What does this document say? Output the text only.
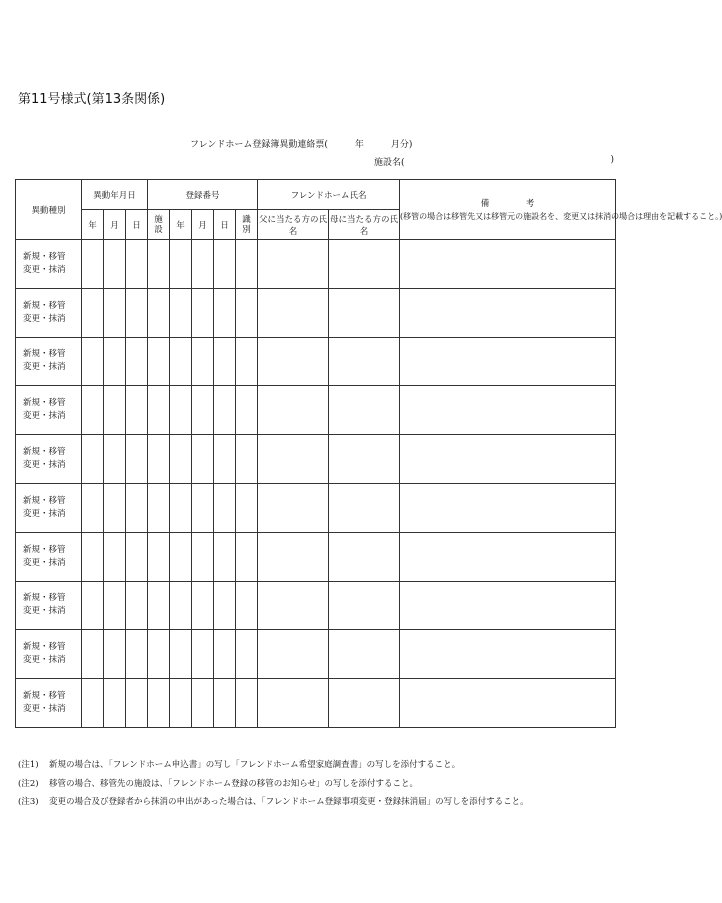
第11号様式(第13条関係)
フレンドホーム登録簿異動連絡票(　　　年　　　月分)
施設名(	)
異動種別	異動年月日			登録番号					フレンドホーム氏名		備　考
(移管の場合は移管先又は移管元の施設名を、変更又は抹消の場合は理由を記載すること。)

	年	月	日	施設	年	月	日	識別	父に当たる方の氏名	母に当たる方の氏名	
新規・移管
変更・抹消											
新規・移管
変更・抹消											
新規・移管
変更・抹消											
新規・移管
変更・抹消											
新規・移管
変更・抹消											
新規・移管
変更・抹消											
新規・移管
変更・抹消											
新規・移管
変更・抹消											
新規・移管
変更・抹消											
新規・移管
変更・抹消											
(注1) 新規の場合は、「フレンドホーム申込書」の写し「フレンドホーム希望家庭調査書」の写しを添付すること。
(注2) 移管の場合、移管先の施設は、「フレンドホーム登録の移管のお知らせ」の写しを添付すること。
(注3) 変更の場合及び登録者から抹消の申出があった場合は、「フレンドホーム登録事項変更・登録抹消届」の写しを添付すること。
